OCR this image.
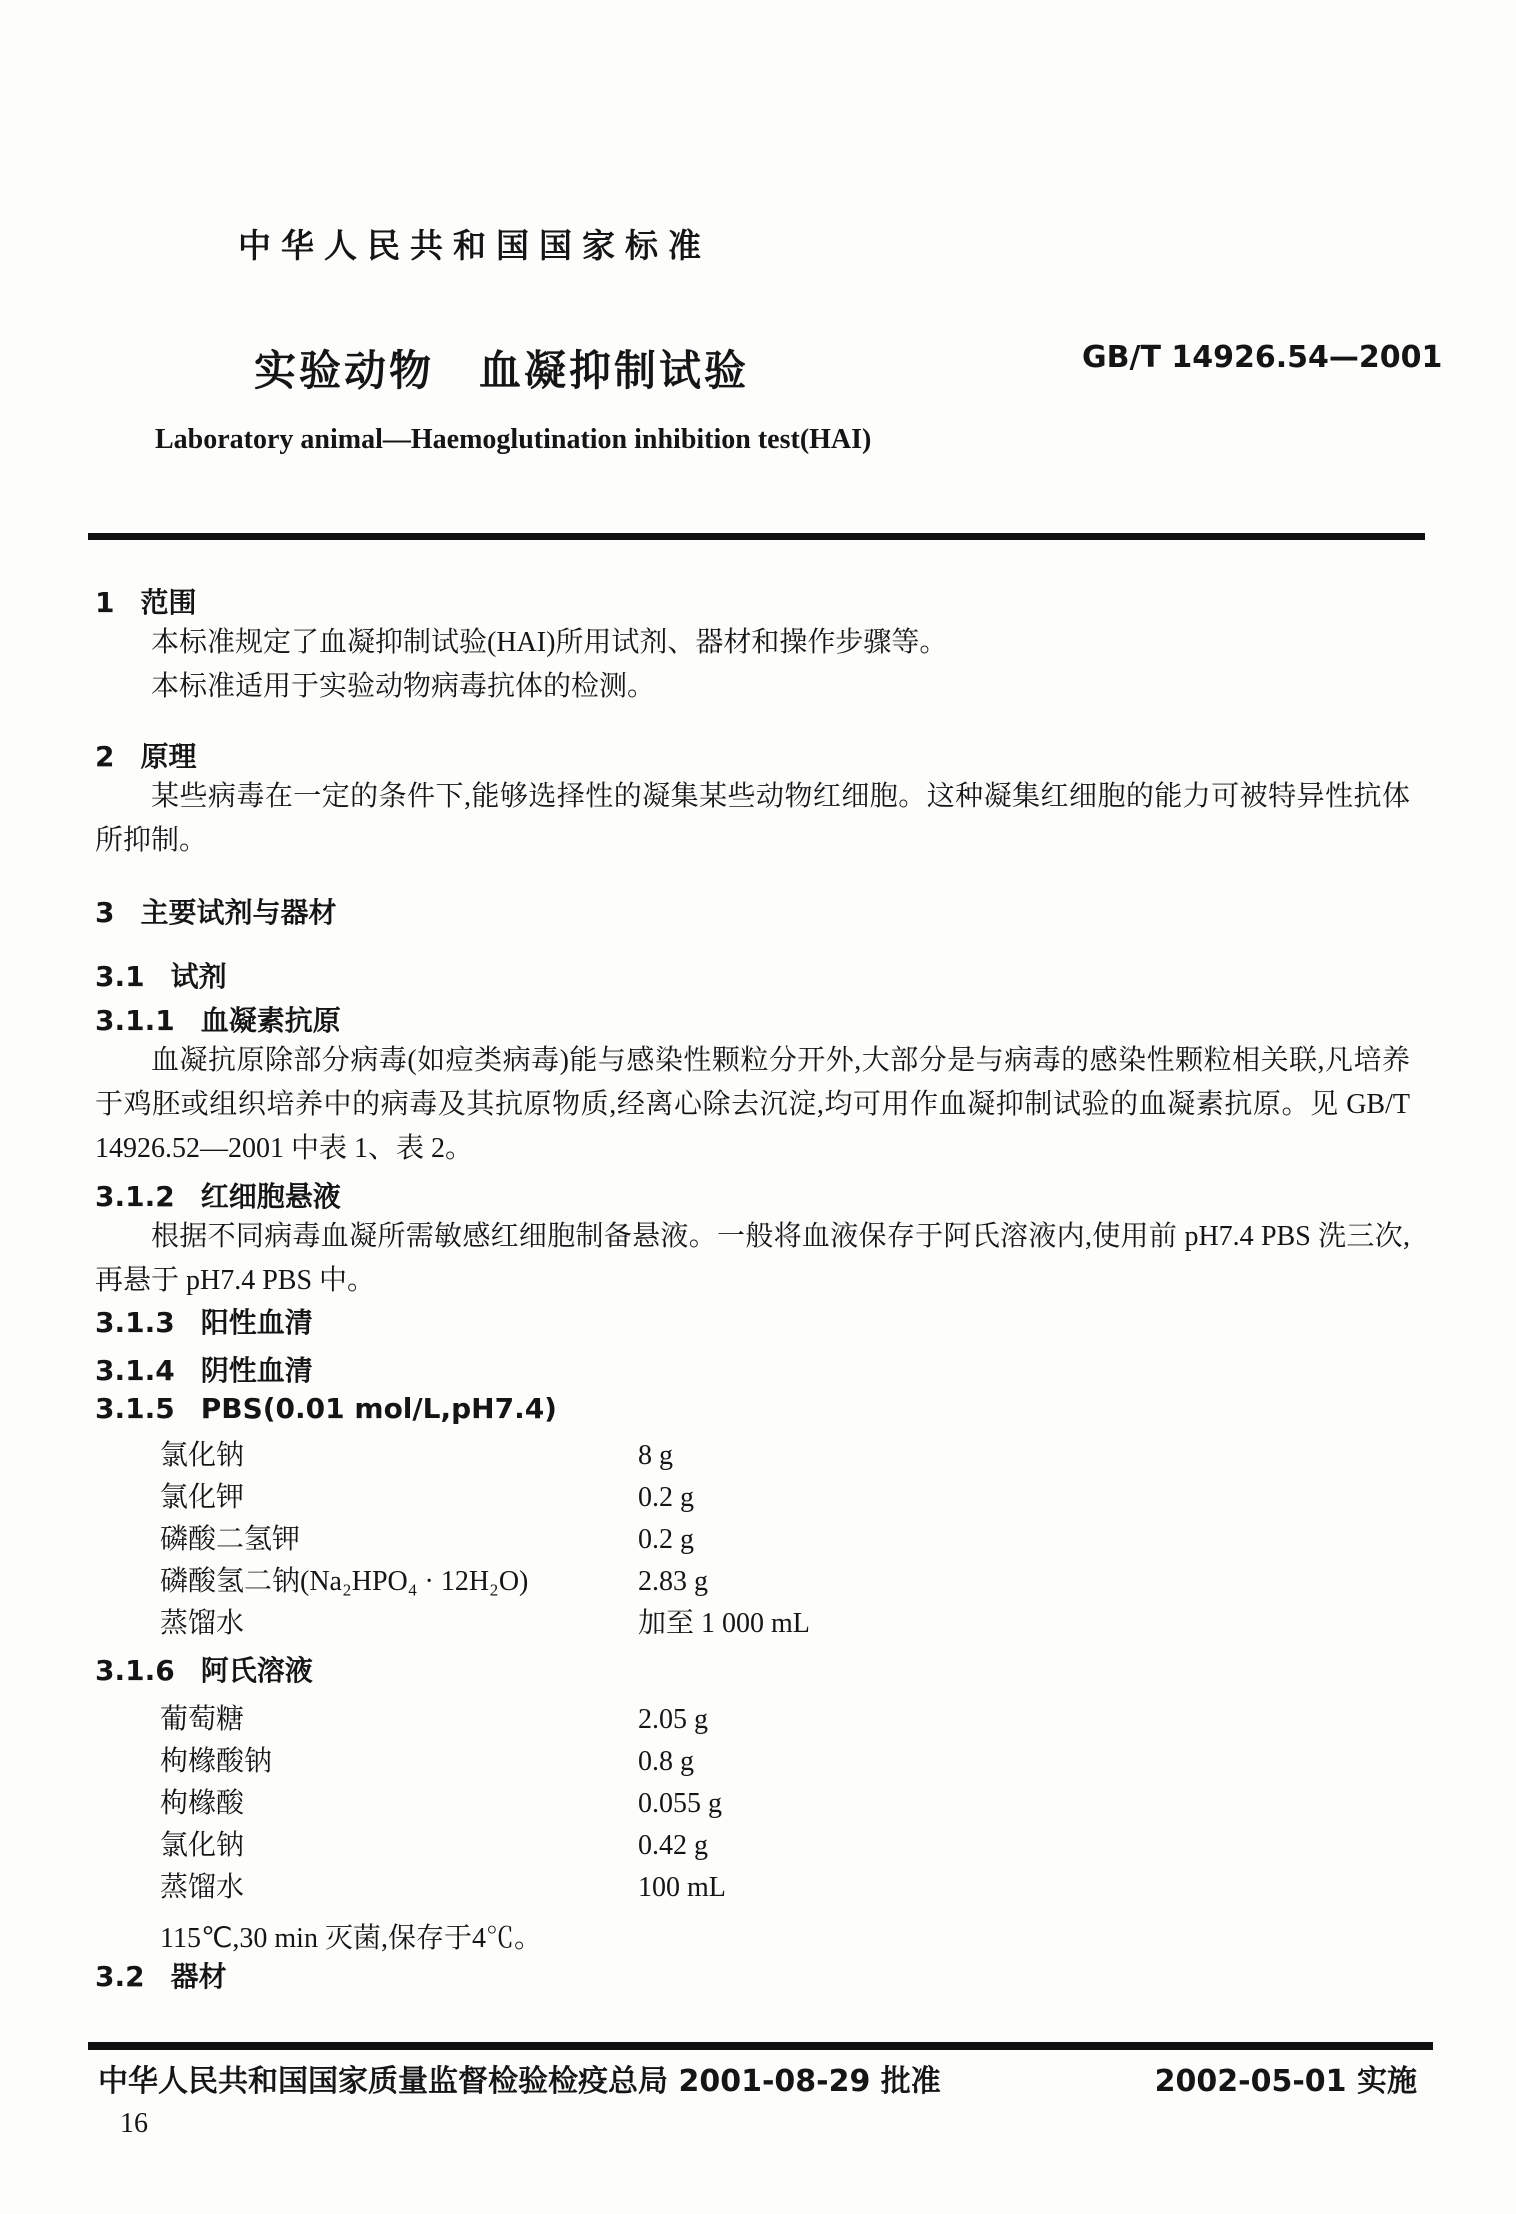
中华人民共和国国家标准
实验动物　血凝抑制试验	GB/T 14926.54—2001
Laboratory animal—Haemoglutination inhibition test(HAI)
1 范围

本标准规定了血凝抑制试验(HAI)所用试剂、器材和操作步骤等。

本标准适用于实验动物病毒抗体的检测。

2 原理

某些病毒在一定的条件下,能够选择性的凝集某些动物红细胞。这种凝集红细胞的能力可被特异性抗体所抑制。

3 主要试剂与器材
3.1 试剂
3.1.1 血凝素抗原

血凝抗原除部分病毒(如痘类病毒)能与感染性颗粒分开外,大部分是与病毒的感染性颗粒相关联,凡培养于鸡胚或组织培养中的病毒及其抗原物质,经离心除去沉淀,均可用作血凝抑制试验的血凝素抗原。见 GB/T 14926.52—2001 中表 1、表 2。

3.1.2 红细胞悬液

根据不同病毒血凝所需敏感红细胞制备悬液。一般将血液保存于阿氏溶液内,使用前 pH7.4 PBS 洗三次,再悬于 pH7.4 PBS 中。

3.1.3 阳性血清
3.1.4 阴性血清
3.1.5 PBS(0.01 mol/L,pH7.4)
氯化钠	8 g
氯化钾	0.2 g
磷酸二氢钾	0.2 g
磷酸氢二钠(Na₂HPO₄ · 12H₂O)	2.83 g
蒸馏水	加至 1 000 mL
3.1.6 阿氏溶液
葡萄糖	2.05 g
枸橼酸钠	0.8 g
枸橼酸	0.055 g
氯化钠	0.42 g
蒸馏水	100 mL
115℃,30 min 灭菌,保存于4℃。
3.2 器材
中华人民共和国国家质量监督检验检疫总局 2001-08-29 批准	2002-05-01 实施
16
